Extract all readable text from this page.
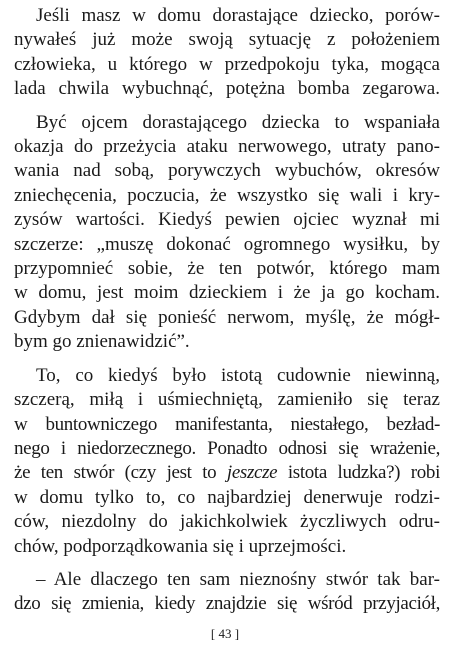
Jeśli masz w domu dorastające dziecko, porów-
nywałeś już może swoją sytuację z położeniem
człowieka, u którego w przedpokoju tyka, mogąca
lada chwila wybuchnąć, potężna bomba zegarowa.
Być ojcem dorastającego dziecka to wspaniała
okazja do przeżycia ataku nerwowego, utraty pano-
wania nad sobą, porywczych wybuchów, okresów
zniechęcenia, poczucia, że wszystko się wali i kry-
zysów wartości. Kiedyś pewien ojciec wyznał mi
szczerze: „muszę dokonać ogromnego wysiłku, by
przypomnieć sobie, że ten potwór, którego mam
w domu, jest moim dzieckiem i że ja go kocham.
Gdybym dał się ponieść nerwom, myślę, że mógł-
bym go znienawidzić”.
To, co kiedyś było istotą cudownie niewinną,
szczerą, miłą i uśmiechniętą, zamieniło się teraz
w buntowniczego manifestanta, niestałego, bezład-
nego i niedorzecznego. Ponadto odnosi się wrażenie,
że ten stwór (czy jest to jeszcze istota ludzka?) robi
w domu tylko to, co najbardziej denerwuje rodzi-
ców, niezdolny do jakichkolwiek życzliwych odru-
chów, podporządkowania się i uprzejmości.
– Ale dlaczego ten sam nieznośny stwór tak bar-
dzo się zmienia, kiedy znajdzie się wśród przyjaciół,
[ 43 ]
